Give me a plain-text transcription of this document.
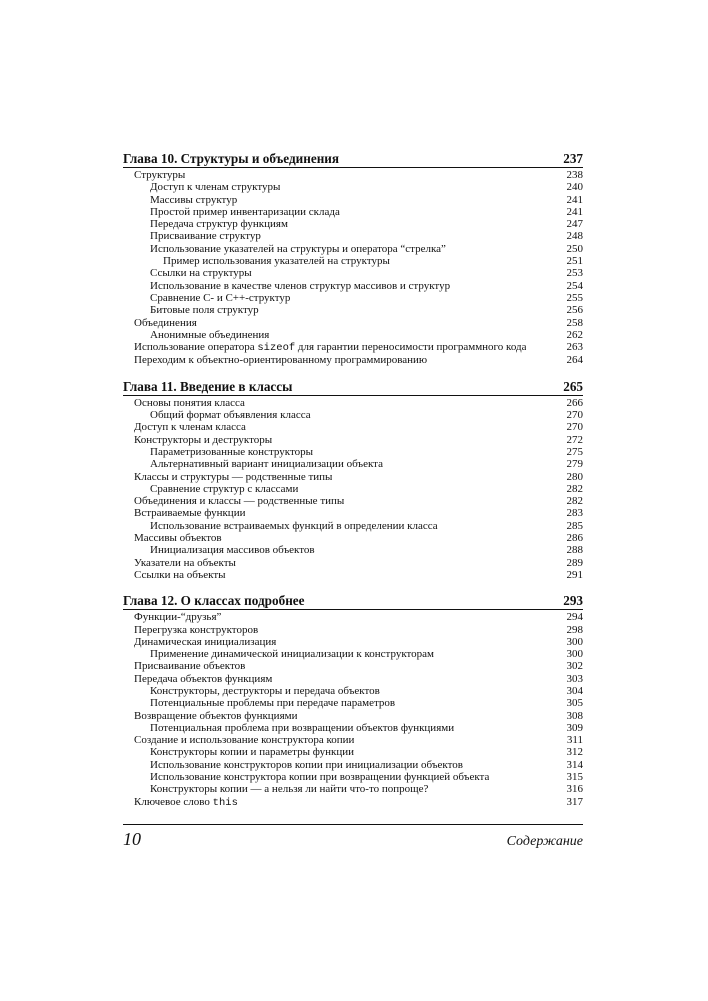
Глава 10. Структуры и объединения	237
Структуры	238
Доступ к членам структуры	240
Массивы структур	241
Простой пример инвентаризации склада	241
Передача структур функциям	247
Присваивание структур	248
Использование указателей на структуры и оператора “стрелка”	250
Пример использования указателей на структуры	251
Ссылки на структуры	253
Использование в качестве членов структур массивов и структур	254
Сравнение С- и С++-структур	255
Битовые поля структур	256
Объединения	258
Анонимные объединения	262
Использование оператора sizeof для гарантии переносимости программного кода	263
Переходим к объектно-ориентированному программированию	264
Глава 11. Введение в классы	265
Основы понятия класса	266
Общий формат объявления класса	270
Доступ к членам класса	270
Конструкторы и деструкторы	272
Параметризованные конструкторы	275
Альтернативный вариант инициализации объекта	279
Классы и структуры — родственные типы	280
Сравнение структур с классами	282
Объединения и классы — родственные типы	282
Встраиваемые функции	283
Использование встраиваемых функций в определении класса	285
Массивы объектов	286
Инициализация массивов объектов	288
Указатели на объекты	289
Ссылки на объекты	291
Глава 12. О классах подробнее	293
Функции-“друзья”	294
Перегрузка конструкторов	298
Динамическая инициализация	300
Применение динамической инициализации к конструкторам	300
Присваивание объектов	302
Передача объектов функциям	303
Конструкторы, деструкторы и передача объектов	304
Потенциальные проблемы при передаче параметров	305
Возвращение объектов функциями	308
Потенциальная проблема при возвращении объектов функциями	309
Создание и использование конструктора копии	311
Конструкторы копии и параметры функции	312
Использование конструкторов копии при инициализации объектов	314
Использование конструктора копии при возвращении функцией объекта	315
Конструкторы копии — а нельзя ли найти что-то попроще?	316
Ключевое слово this	317
10	Содержание
